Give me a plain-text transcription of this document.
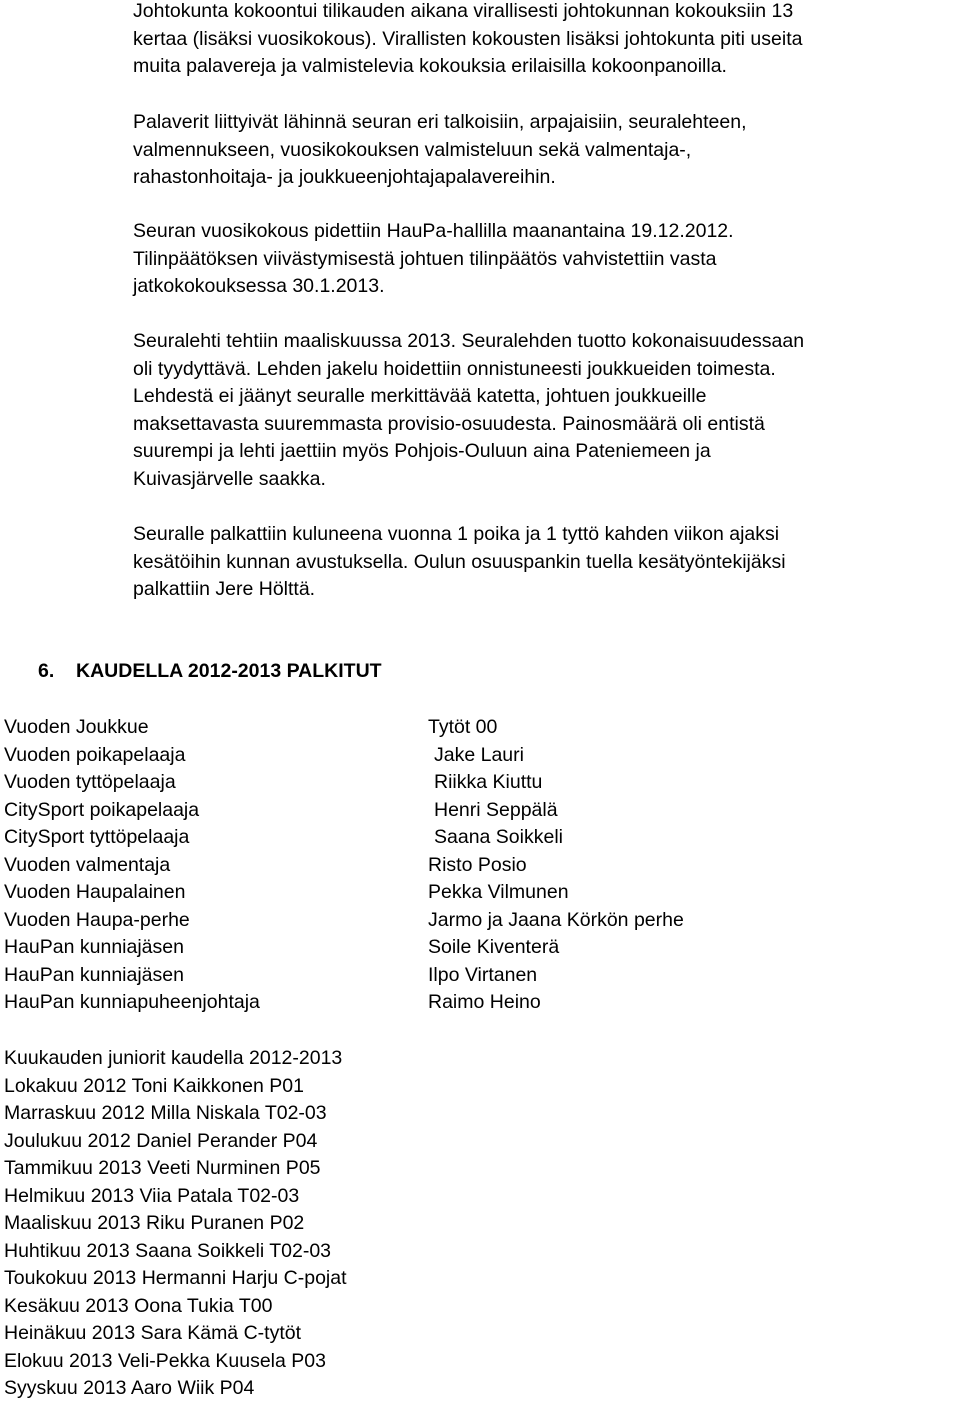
Johtokunta kokoontui tilikauden aikana virallisesti johtokunnan kokouksiin 13
kertaa (lisäksi vuosikokous). Virallisten kokousten lisäksi johtokunta piti useita
muita palavereja ja valmistelevia kokouksia erilaisilla kokoonpanoilla.
Palaverit liittyivät lähinnä seuran eri talkoisiin, arpajaisiin, seuralehteen,
valmennukseen, vuosikokouksen valmisteluun sekä valmentaja-,
rahastonhoitaja- ja joukkueenjohtajapalavereihin.
Seuran vuosikokous pidettiin HauPa-hallilla maanantaina 19.12.2012.
Tilinpäätöksen viivästymisestä johtuen tilinpäätös vahvistettiin vasta
jatkokokouksessa 30.1.2013.
Seuralehti tehtiin maaliskuussa 2013. Seuralehden tuotto kokonaisuudessaan
oli tyydyttävä. Lehden jakelu hoidettiin onnistuneesti joukkueiden toimesta.
Lehdestä ei jäänyt seuralle merkittävää katetta, johtuen joukkueille
maksettavasta suuremmasta provisio-osuudesta. Painosmäärä oli entistä
suurempi ja lehti jaettiin myös Pohjois-Ouluun aina Pateniemeen ja
Kuivasjärvelle saakka.
Seuralle palkattiin kuluneena vuonna 1 poika ja 1 tyttö kahden viikon ajaksi
kesätöihin kunnan avustuksella. Oulun osuuspankin tuella kesätyöntekijäksi
palkattiin Jere Hölttä.
6. KAUDELLA 2012-2013 PALKITUT
Vuoden Joukkue	Tytöt 00
Vuoden poikapelaaja	Jake Lauri
Vuoden tyttöpelaaja	Riikka Kiuttu
CitySport poikapelaaja	Henri Seppälä
CitySport tyttöpelaaja	Saana Soikkeli
Vuoden valmentaja	Risto Posio
Vuoden Haupalainen	Pekka Vilmunen
Vuoden Haupa-perhe	Jarmo ja Jaana Körkön perhe
HauPan kunniajäsen	Soile Kiventerä
HauPan kunniajäsen	Ilpo Virtanen
HauPan kunniapuheenjohtaja	Raimo Heino
Kuukauden juniorit kaudella 2012-2013
Lokakuu 2012 Toni Kaikkonen P01
Marraskuu 2012 Milla Niskala T02-03
Joulukuu 2012 Daniel Perander P04
Tammikuu 2013 Veeti Nurminen P05
Helmikuu 2013 Viia Patala T02-03
Maaliskuu 2013 Riku Puranen P02
Huhtikuu 2013 Saana Soikkeli T02-03
Toukokuu 2013 Hermanni Harju C-pojat
Kesäkuu 2013 Oona Tukia T00
Heinäkuu 2013 Sara Kämä C-tytöt
Elokuu 2013 Veli-Pekka Kuusela P03
Syyskuu 2013 Aaro Wiik P04
